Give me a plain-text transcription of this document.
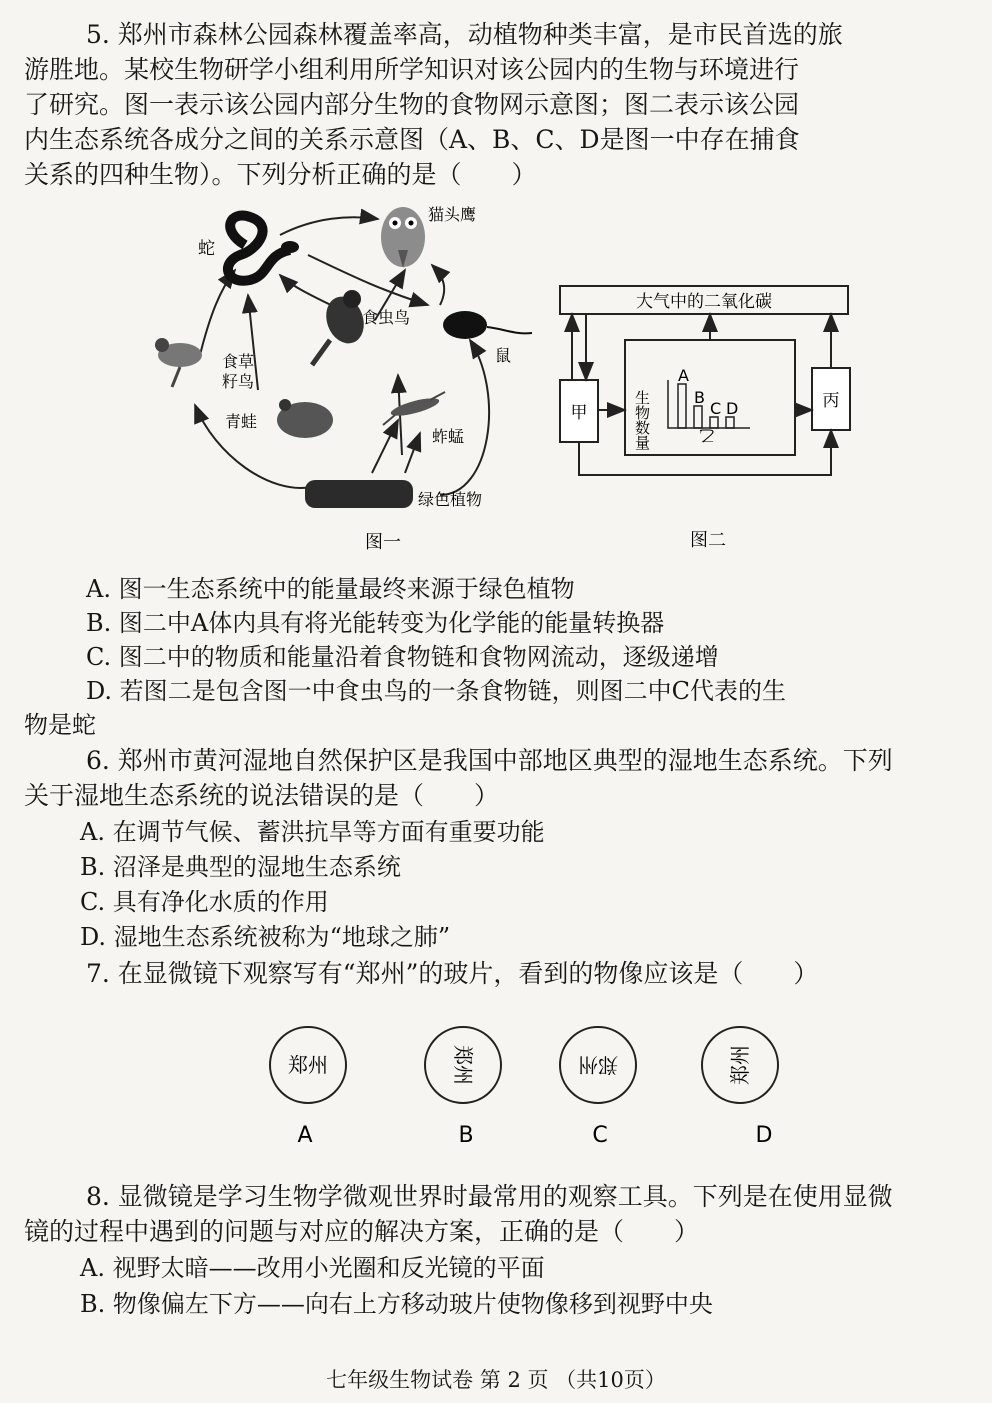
5. 郑州市森林公园森林覆盖率高，动植物种类丰富，是市民首选的旅
游胜地。某校生物研学小组利用所学知识对该公园内的生物与环境进行
了研究。图一表示该公园内部分生物的食物网示意图；图二表示该公园
内生态系统各成分之间的关系示意图（A、B、C、D是图一中存在捕食
关系的四种生物）。下列分析正确的是（　　）
蛇
猫头鹰
食虫鸟
鼠
食草
籽鸟
青蛙
蚱蜢
绿色植物
图一
大气中的二氧化碳
甲
丙
生物数量	乙
A
B
C D
图二
A. 图一生态系统中的能量最终来源于绿色植物
B. 图二中A体内具有将光能转变为化学能的能量转换器
C. 图二中的物质和能量沿着食物链和食物网流动，逐级递增
D. 若图二是包含图一中食虫鸟的一条食物链，则图二中C代表的生
物是蛇
6. 郑州市黄河湿地自然保护区是我国中部地区典型的湿地生态系统。下列
关于湿地生态系统的说法错误的是（　　）
A. 在调节气候、蓄洪抗旱等方面有重要功能
B. 沼泽是典型的湿地生态系统
C. 具有净化水质的作用
D. 湿地生态系统被称为“地球之肺”
7. 在显微镜下观察写有“郑州”的玻片，看到的物像应该是（　　）
郑州
A
郑州
B
郑州
C
郑州
D
8. 显微镜是学习生物学微观世界时最常用的观察工具。下列是在使用显微
镜的过程中遇到的问题与对应的解决方案，正确的是（　　）
A. 视野太暗——改用小光圈和反光镜的平面
B. 物像偏左下方——向右上方移动玻片使物像移到视野中央
七年级生物试卷 第 2 页 （共10页）
